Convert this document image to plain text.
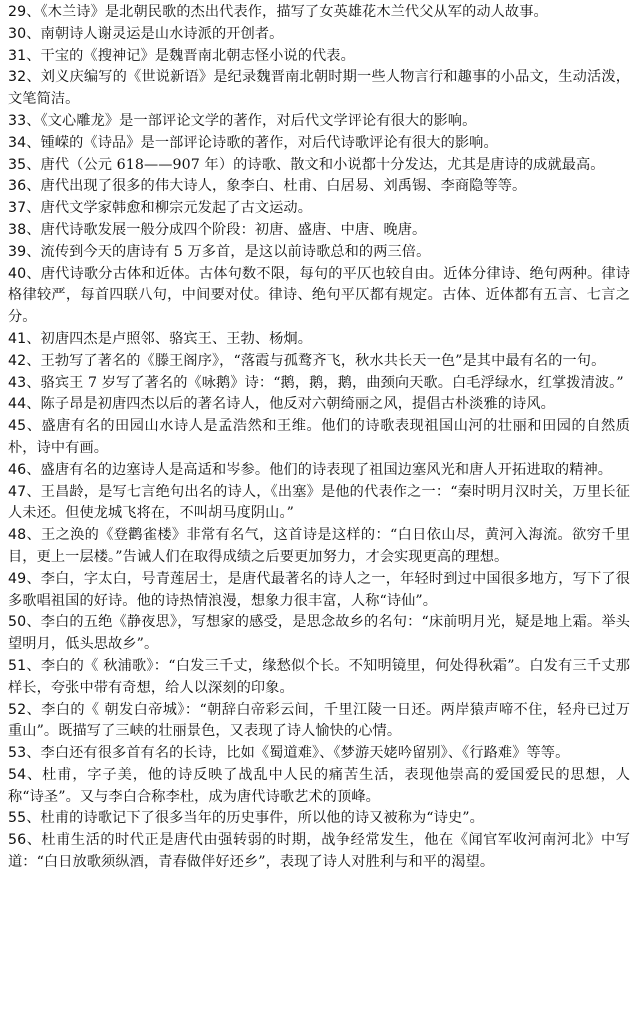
29、《木兰诗》是北朝民歌的杰出代表作，描写了女英雄花木兰代父从军的动人故事。

30、南朝诗人谢灵运是山水诗派的开创者。

31、干宝的《搜神记》是魏晋南北朝志怪小说的代表。

32、刘义庆编写的《世说新语》是纪录魏晋南北朝时期一些人物言行和趣事的小品文，生动活泼，文笔简洁。

33、《文心雕龙》是一部评论文学的著作，对后代文学评论有很大的影响。

34、锺嵘的《诗品》是一部评论诗歌的著作，对后代诗歌评论有很大的影响。

35、唐代（公元 618——907 年）的诗歌、散文和小说都十分发达，尤其是唐诗的成就最高。

36、唐代出现了很多的伟大诗人，象李白、杜甫、白居易、刘禹锡、李商隐等等。

37、唐代文学家韩愈和柳宗元发起了古文运动。

38、唐代诗歌发展一般分成四个阶段：初唐、盛唐、中唐、晚唐。

39、流传到今天的唐诗有 5 万多首，是这以前诗歌总和的两三倍。

40、唐代诗歌分古体和近体。古体句数不限，每句的平仄也较自由。近体分律诗、绝句两种。律诗格律较严，每首四联八句，中间要对仗。律诗、绝句平仄都有规定。古体、近体都有五言、七言之分。

41、初唐四杰是卢照邻、骆宾王、王勃、杨炯。

42、王勃写了著名的《滕王阁序》，“落霞与孤鹜齐飞，秋水共长天一色”是其中最有名的一句。

43、骆宾王 7 岁写了著名的《咏鹅》诗：“鹅，鹅，鹅，曲颈向天歌。白毛浮绿水，红掌拨清波。”

44、陈子昂是初唐四杰以后的著名诗人，他反对六朝绮丽之风，提倡古朴淡雅的诗风。

45、盛唐有名的田园山水诗人是孟浩然和王维。他们的诗歌表现祖国山河的壮丽和田园的自然质朴，诗中有画。

46、盛唐有名的边塞诗人是高适和岑参。他们的诗表现了祖国边塞风光和唐人开拓进取的精神。

47、王昌龄，是写七言绝句出名的诗人，《出塞》是他的代表作之一：“秦时明月汉时关，万里长征人未还。但使龙城飞将在，不叫胡马度阴山。”

48、王之涣的《登鹳雀楼》非常有名气，这首诗是这样的：“白日依山尽，黄河入海流。欲穷千里目，更上一层楼。”告诫人们在取得成绩之后要更加努力，才会实现更高的理想。

49、李白，字太白，号青莲居士，是唐代最著名的诗人之一，年轻时到过中国很多地方，写下了很多歌唱祖国的好诗。他的诗热情浪漫，想象力很丰富，人称“诗仙”。

50、李白的五绝《静夜思》，写想家的感受，是思念故乡的名句：“床前明月光，疑是地上霜。举头望明月，低头思故乡”。

51、李白的《 秋浦歌》：“白发三千丈，缘愁似个长。不知明镜里，何处得秋霜”。白发有三千丈那样长，夸张中带有奇想，给人以深刻的印象。

52、李白的《 朝发白帝城》：“朝辞白帝彩云间，千里江陵一日还。两岸猿声啼不住，轻舟已过万重山”。既描写了三峡的壮丽景色，又表现了诗人愉快的心情。

53、李白还有很多首有名的长诗，比如《蜀道难》、《梦游天姥吟留别》、《行路难》等等。

54、杜甫，字子美，他的诗反映了战乱中人民的痛苦生活，表现他崇高的爱国爱民的思想，人称“诗圣”。又与李白合称李杜，成为唐代诗歌艺术的顶峰。

55、杜甫的诗歌记下了很多当年的历史事件，所以他的诗又被称为“诗史”。

56、杜甫生活的时代正是唐代由强转弱的时期，战争经常发生，他在《闻官军收河南河北》中写道：“白日放歌须纵酒，青春做伴好还乡”，表现了诗人对胜利与和平的渴望。
